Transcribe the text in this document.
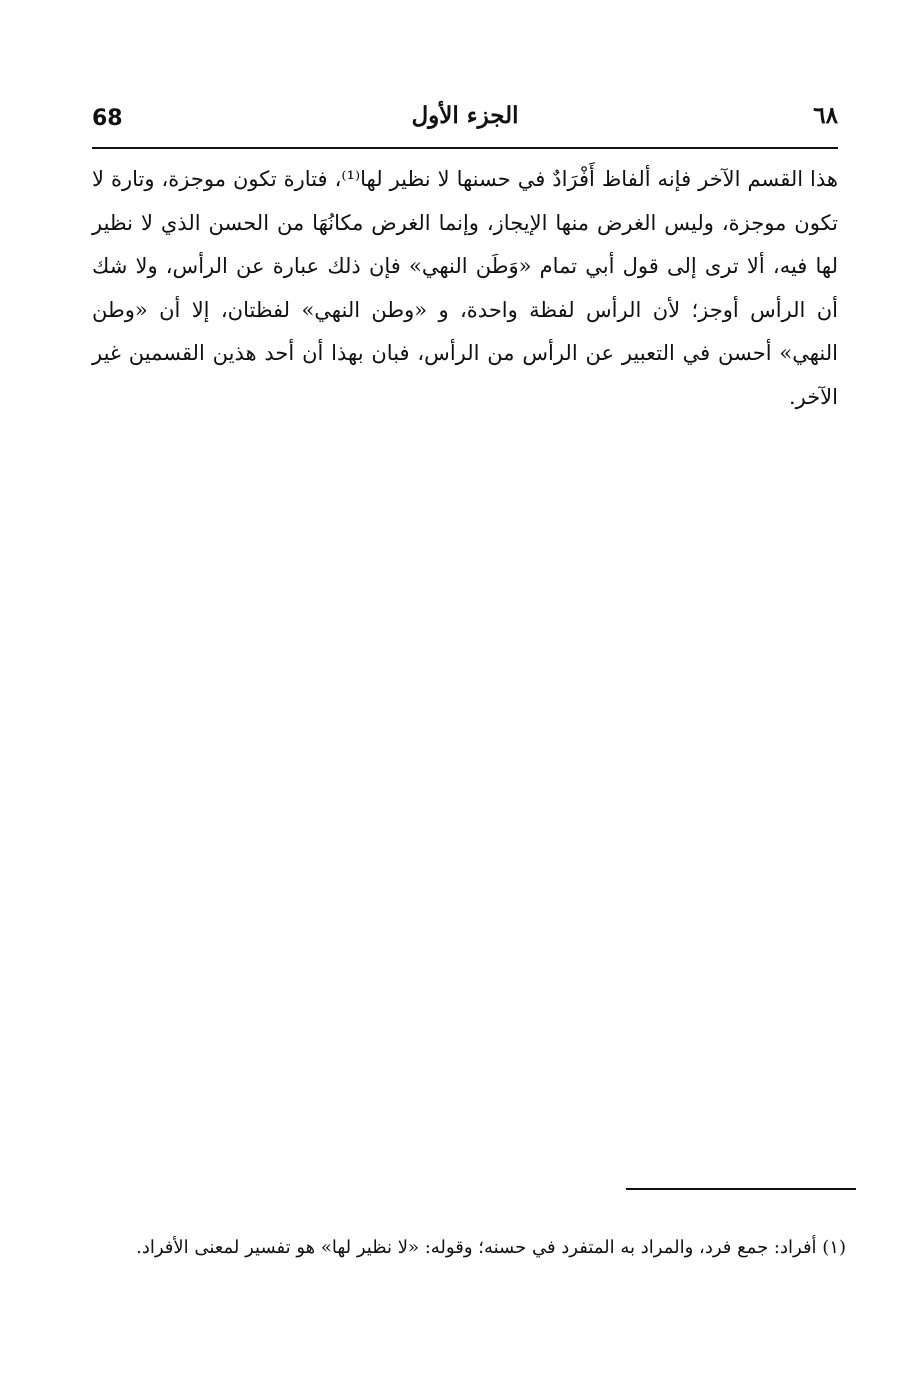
68	الجزء الأول	٦٨

هذا القسم الآخر فإنه ألفاظ أَفْرَادٌ في حسنها لا نظير لها⁽¹⁾، فتارة تكون موجزة، وتارة لا تكون موجزة، وليس الغرض منها الإيجاز، وإنما الغرض مكانُهَا من الحسن الذي لا نظير لها فيه، ألا ترى إلى قول أبي تمام «وَطَن النهي» فإن ذلك عبارة عن الرأس، ولا شك أن الرأس أوجز؛ لأن الرأس لفظة واحدة، و «وطن النهي» لفظتان، إلا أن «وطن النهي» أحسن في التعبير عن الرأس من الرأس، فبان بهذا أن أحد هذين القسمين غير الآخر.

(١) أفراد: جمع فرد، والمراد به المتفرد في حسنه؛ وقوله: «لا نظير لها» هو تفسير لمعنى الأفراد.
